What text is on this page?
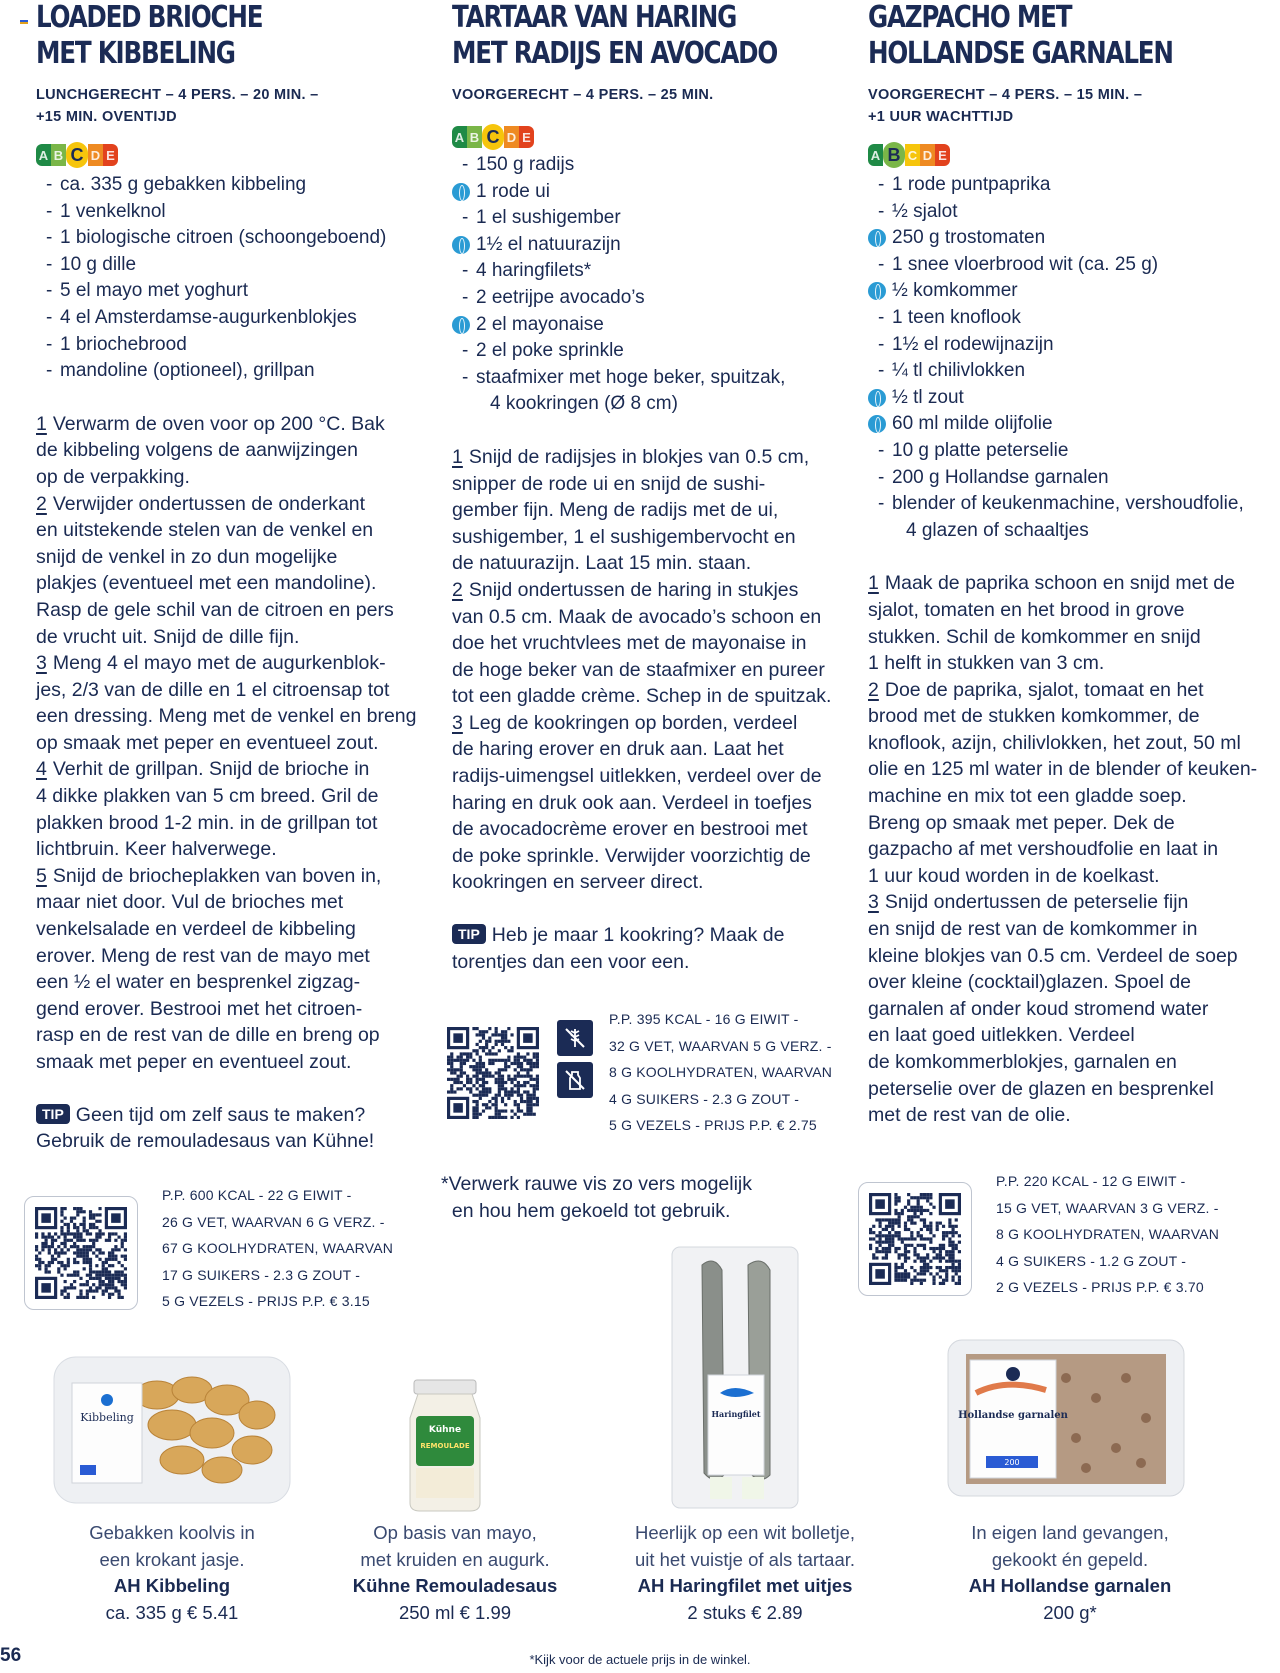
LOADED BRIOCHE
MET KIBBELING
LUNCHGERECHT – 4 PERS. – 20 MIN. –
+15 MIN. OVENTIJD
A B C D E
- ca. 335 g gebakken kibbeling
- 1 venkelknol
- 1 biologische citroen (schoongeboend)
- 10 g dille
- 5 el mayo met yoghurt
- 4 el Amsterdamse-augurkenblokjes
- 1 briochebrood
- mandoline (optioneel), grillpan

1 Verwarm de oven voor op 200 °C. Bak
de kibbeling volgens de aanwijzingen
op de verpakking.

2 Verwijder ondertussen de onderkant
en uitstekende stelen van de venkel en
snijd de venkel in zo dun mogelijke
plakjes (eventueel met een mandoline).
Rasp de gele schil van de citroen en pers
de vrucht uit. Snijd de dille fijn.

3 Meng 4 el mayo met de augurkenblok-
jes, 2/3 van de dille en 1 el citroensap tot
een dressing. Meng met de venkel en breng
op smaak met peper en eventueel zout.

4 Verhit de grillpan. Snijd de brioche in
4 dikke plakken van 5 cm breed. Gril de
plakken brood 1-2 min. in de grillpan tot
lichtbruin. Keer halverwege.

5 Snijd de briocheplakken van boven in,
maar niet door. Vul de brioches met
venkelsalade en verdeel de kibbeling
erover. Meng de rest van de mayo met
een ½ el water en besprenkel zigzag-
gend erover. Bestrooi met het citroen-
rasp en de rest van de dille en breng op
smaak met peper en eventueel zout.

TIP Geen tijd om zelf saus te maken?
Gebruik de remouladesaus van Kühne!
P.P. 600 KCAL - 22 G EIWIT -
26 G VET, WAARVAN 6 G VERZ. -
67 G KOOLHYDRATEN, WAARVAN
17 G SUIKERS - 2.3 G ZOUT -
5 G VEZELS - PRIJS P.P. € 3.15
TARTAAR VAN HARING
MET RADIJS EN AVOCADO
VOORGERECHT – 4 PERS. – 25 MIN.
A B C D E
- 150 g radijs
1 rode ui
- 1 el sushigember
1½ el natuurazijn
- 4 haringfilets*
- 2 eetrijpe avocado’s
2 el mayonaise
- 2 el poke sprinkle
- staafmixer met hoge beker, spuitzak,
4 kookringen (Ø 8 cm)

1 Snijd de radijsjes in blokjes van 0.5 cm,
snipper de rode ui en snijd de sushi-
gember fijn. Meng de radijs met de ui,
sushigember, 1 el sushigembervocht en
de natuurazijn. Laat 15 min. staan.

2 Snijd ondertussen de haring in stukjes
van 0.5 cm. Maak de avocado’s schoon en
doe het vruchtvlees met de mayonaise in
de hoge beker van de staafmixer en pureer
tot een gladde crème. Schep in de spuitzak.

3 Leg de kookringen op borden, verdeel
de haring erover en druk aan. Laat het
radijs-uimengsel uitlekken, verdeel over de
haring en druk ook aan. Verdeel in toefjes
de avocadocrème erover en bestrooi met
de poke sprinkle. Verwijder voorzichtig de
kookringen en serveer direct.

TIP Heb je maar 1 kookring? Maak de
torentjes dan een voor een.
P.P. 395 KCAL - 16 G EIWIT -
32 G VET, WAARVAN 5 G VERZ. -
8 G KOOLHYDRATEN, WAARVAN
4 G SUIKERS - 2.3 G ZOUT -
5 G VEZELS - PRIJS P.P. € 2.75
*Verwerk rauwe vis zo vers mogelijk
en hou hem gekoeld tot gebruik.
GAZPACHO MET
HOLLANDSE GARNALEN
VOORGERECHT – 4 PERS. – 15 MIN. –
+1 UUR WACHTTIJD
A B C D E
- 1 rode puntpaprika
- ½ sjalot
250 g trostomaten
- 1 snee vloerbrood wit (ca. 25 g)
½ komkommer
- 1 teen knoflook
- 1½ el rodewijnazijn
- ¼ tl chilivlokken
½ tl zout
60 ml milde olijfolie
- 10 g platte peterselie
- 200 g Hollandse garnalen
- blender of keukenmachine, vershoudfolie,
4 glazen of schaaltjes

1 Maak de paprika schoon en snijd met de
sjalot, tomaten en het brood in grove
stukken. Schil de komkommer en snijd
1 helft in stukken van 3 cm.

2 Doe de paprika, sjalot, tomaat en het
brood met de stukken komkommer, de
knoflook, azijn, chilivlokken, het zout, 50 ml
olie en 125 ml water in de blender of keuken-
machine en mix tot een gladde soep.
Breng op smaak met peper. Dek de
gazpacho af met vershoudfolie en laat in
1 uur koud worden in de koelkast.

3 Snijd ondertussen de peterselie fijn
en snijd de rest van de komkommer in
kleine blokjes van 0.5 cm. Verdeel de soep
over kleine (cocktail)glazen. Spoel de
garnalen af onder koud stromend water
en laat goed uitlekken. Verdeel
de komkommerblokjes, garnalen en
peterselie over de glazen en besprenkel
met de rest van de olie.

P.P. 220 KCAL - 12 G EIWIT -
15 G VET, WAARVAN 3 G VERZ. -
8 G KOOLHYDRATEN, WAARVAN
4 G SUIKERS - 1.2 G ZOUT -
2 G VEZELS - PRIJS P.P. € 3.70
Kibbeling
Kühne
REMOULADE
Haringfilet	Hollandse garnalen
200
Gebakken koolvis in
een krokant jasje.
AH Kibbeling
ca. 335 g € 5.41
Op basis van mayo,
met kruiden en augurk.
Kühne Remouladesaus
250 ml € 1.99
Heerlijk op een wit bolletje,
uit het vuistje of als tartaar.
AH Haringfilet met uitjes
2 stuks € 2.89
In eigen land gevangen,
gekookt én gepeld.
AH Hollandse garnalen
200 g*
56	*Kijk voor de actuele prijs in de winkel.
